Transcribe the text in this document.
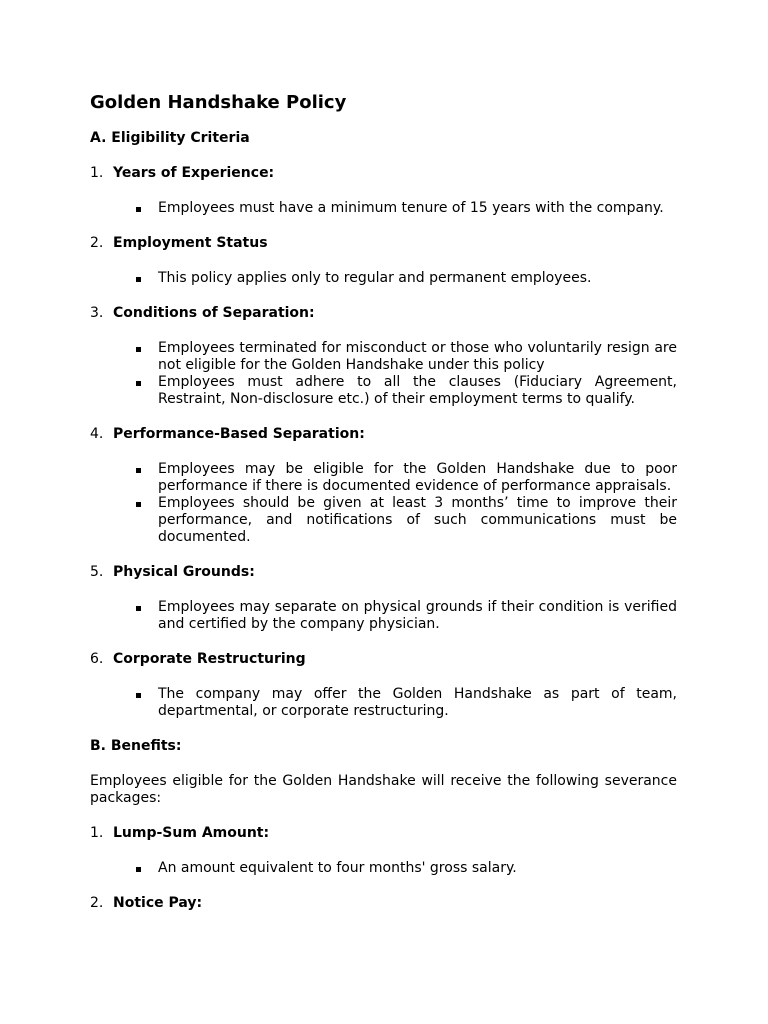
Golden Handshake Policy
A. Eligibility Criteria
1. Years of Experience:
Employees must have a minimum tenure of 15 years with the company.
2. Employment Status
This policy applies only to regular and permanent employees.
3. Conditions of Separation:
Employees terminated for misconduct or those who voluntarily resign are not eligible for the Golden Handshake under this policy
Employees must adhere to all the clauses (Fiduciary Agreement, Restraint, Non-disclosure etc.) of their employment terms to qualify.
4. Performance-Based Separation:
Employees may be eligible for the Golden Handshake due to poor performance if there is documented evidence of performance appraisals.
Employees should be given at least 3 months’ time to improve their performance, and notifications of such communications must be documented.
5. Physical Grounds:
Employees may separate on physical grounds if their condition is verified and certified by the company physician.
6. Corporate Restructuring
The company may offer the Golden Handshake as part of team, departmental, or corporate restructuring.
B. Benefits:
Employees eligible for the Golden Handshake will receive the following severance packages:
1. Lump-Sum Amount:
An amount equivalent to four months' gross salary.
2. Notice Pay:
